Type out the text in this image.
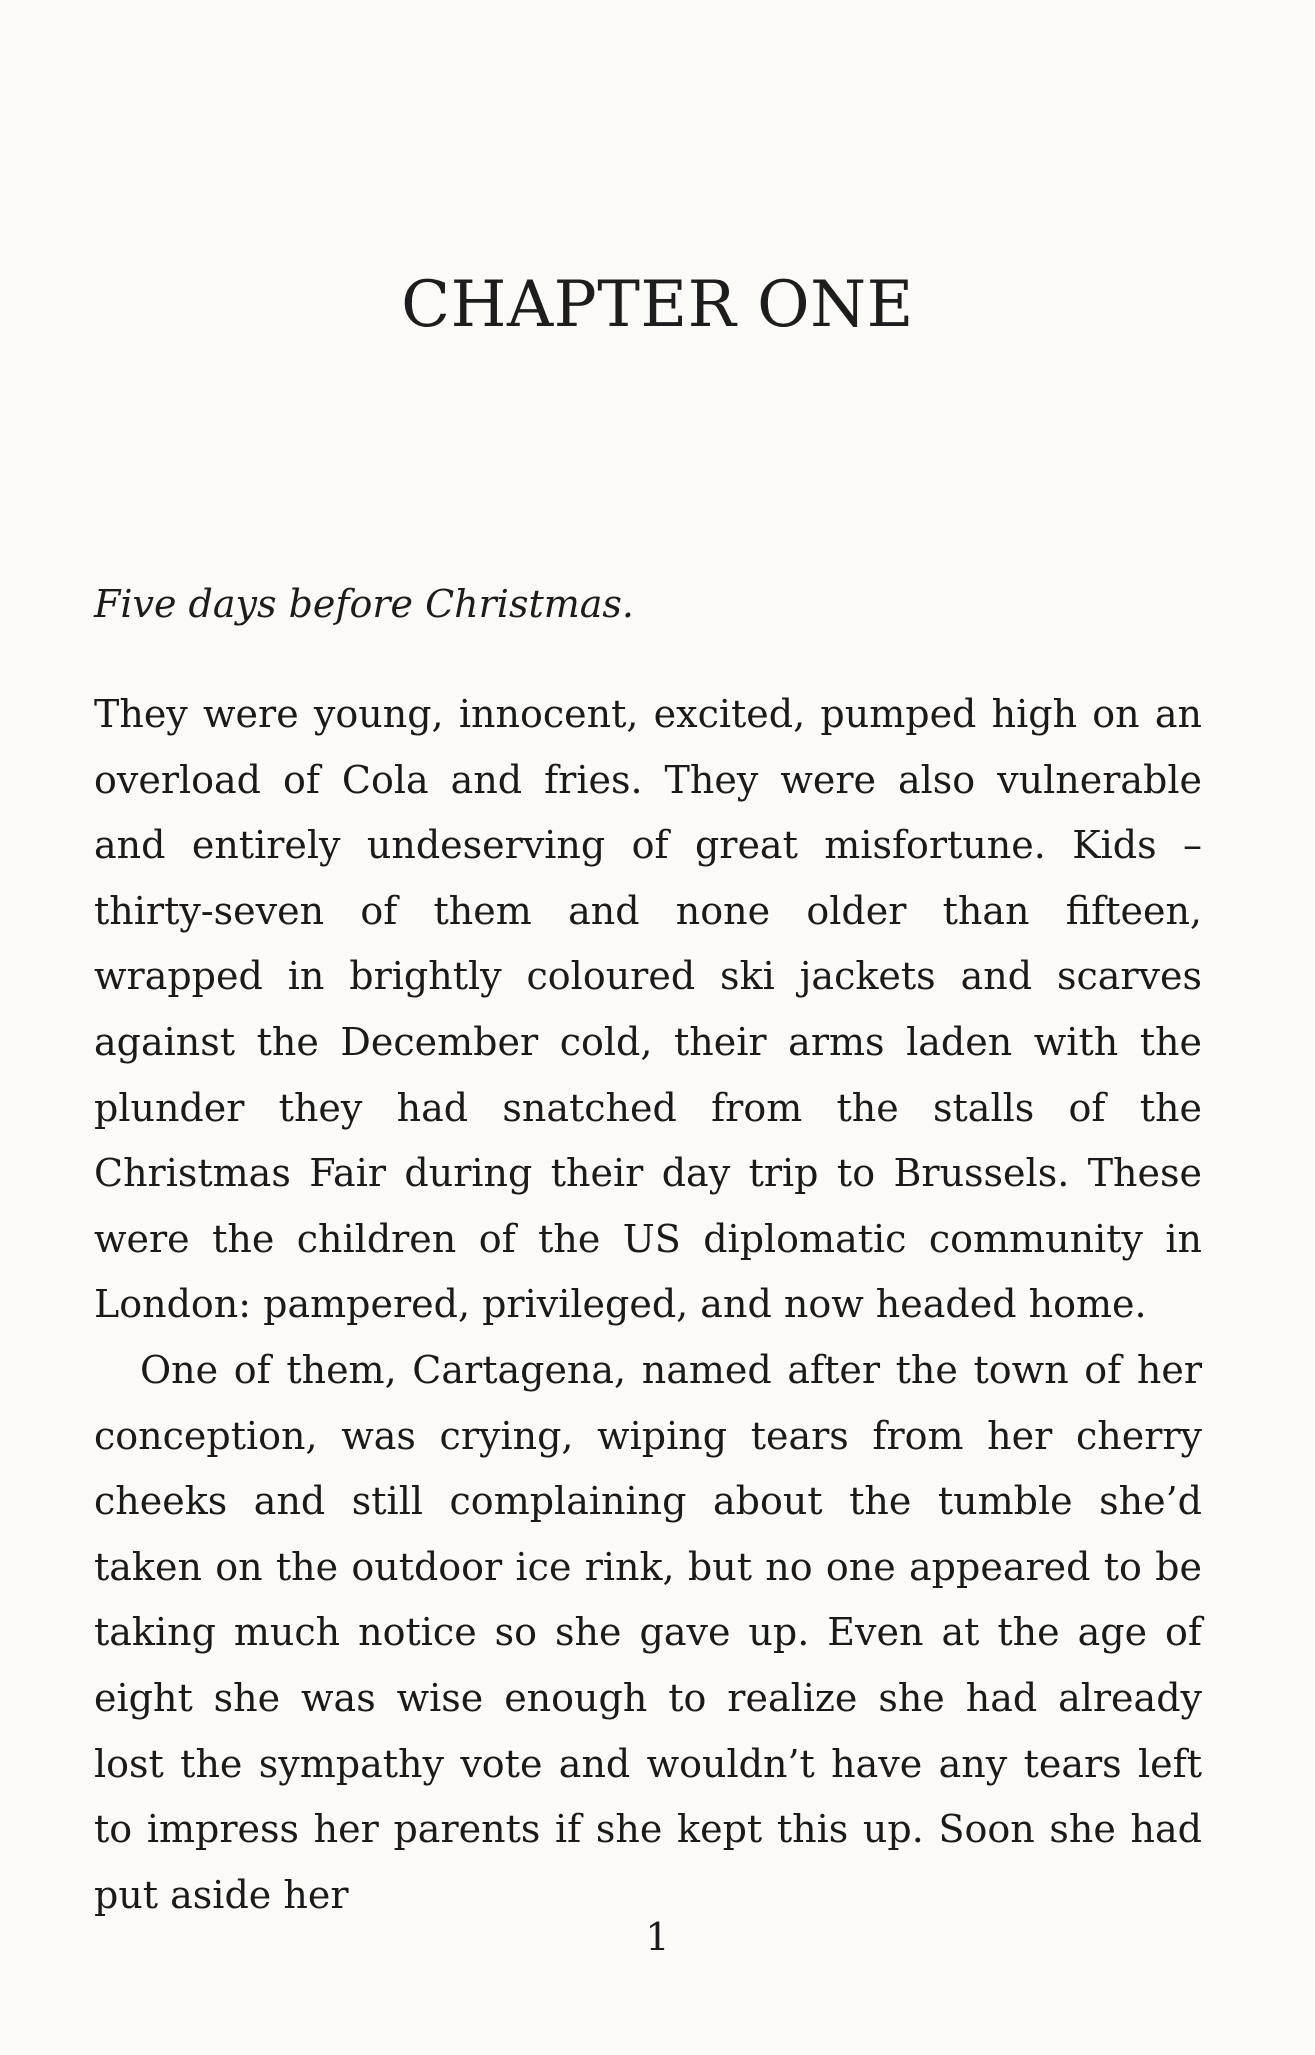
CHAPTER ONE

Five days before Christmas.

They were young, innocent, excited, pumped high on an overload of Cola and fries. They were also vulnerable and entirely undeserving of great misfortune. Kids – thirty-seven of them and none older than fifteen, wrapped in brightly coloured ski jackets and scarves against the December cold, their arms laden with the plunder they had snatched from the stalls of the Christmas Fair during their day trip to Brussels. These were the children of the US diplomatic community in London: pampered, privileged, and now headed home.

One of them, Cartagena, named after the town of her conception, was crying, wiping tears from her cherry cheeks and still complaining about the tumble she’d taken on the outdoor ice rink, but no one appeared to be taking much notice so she gave up. Even at the age of eight she was wise enough to realize she had already lost the sympathy vote and wouldn’t have any tears left to impress her parents if she kept this up. Soon she had put aside her

1
